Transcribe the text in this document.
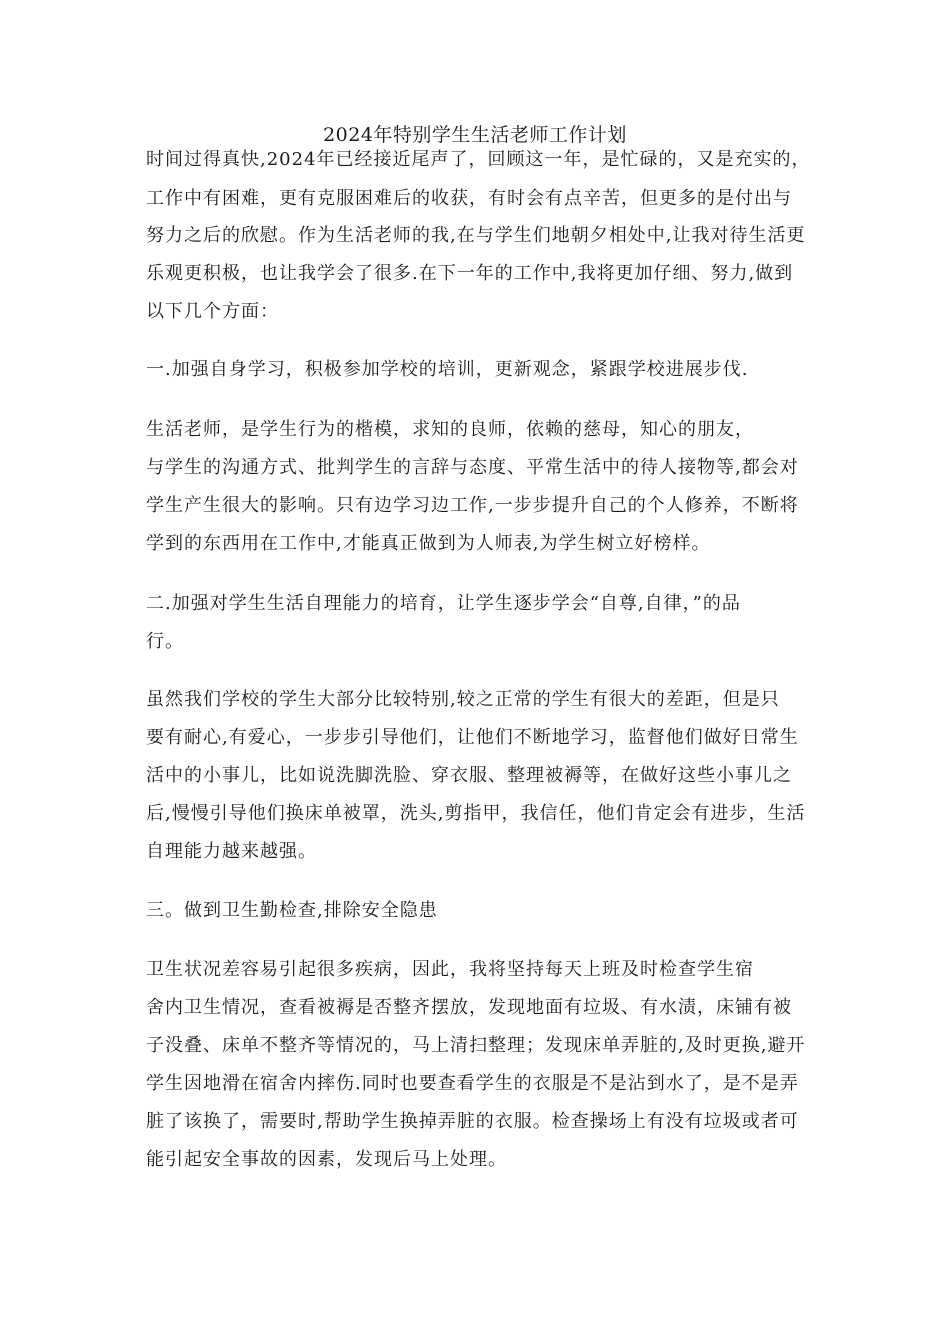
2024年特别学生生活老师工作计划
时间过得真快,2024年已经接近尾声了，回顾这一年，是忙碌的，又是充实的，
工作中有困难，更有克服困难后的收获，有时会有点辛苦，但更多的是付出与
努力之后的欣慰。作为生活老师的我,在与学生们地朝夕相处中,让我对待生活更
乐观更积极，也让我学会了很多.在下一年的工作中,我将更加仔细、努力,做到
以下几个方面：
一.加强自身学习，积极参加学校的培训，更新观念，紧跟学校进展步伐.
生活老师，是学生行为的楷模，求知的良师，依赖的慈母，知心的朋友，
与学生的沟通方式、批判学生的言辞与态度、平常生活中的待人接物等,都会对
学生产生很大的影响。只有边学习边工作,一步步提升自己的个人修养，不断将
学到的东西用在工作中,才能真正做到为人师表,为学生树立好榜样。
二.加强对学生生活自理能力的培育，让学生逐步学会“自尊,自律，”的品
行。
虽然我们学校的学生大部分比较特别,较之正常的学生有很大的差距，但是只
要有耐心,有爱心，一步步引导他们，让他们不断地学习，监督他们做好日常生
活中的小事儿，比如说洗脚洗脸、穿衣服、整理被褥等，在做好这些小事儿之
后,慢慢引导他们换床单被罩，洗头,剪指甲，我信任，他们肯定会有进步，生活
自理能力越来越强。
三。做到卫生勤检查,排除安全隐患
卫生状况差容易引起很多疾病，因此，我将坚持每天上班及时检查学生宿
舍内卫生情况，查看被褥是否整齐摆放，发现地面有垃圾、有水渍，床铺有被
子没叠、床单不整齐等情况的，马上清扫整理；发现床单弄脏的,及时更换,避开
学生因地滑在宿舍内摔伤.同时也要查看学生的衣服是不是沾到水了，是不是弄
脏了该换了，需要时,帮助学生换掉弄脏的衣服。检查操场上有没有垃圾或者可
能引起安全事故的因素，发现后马上处理。
